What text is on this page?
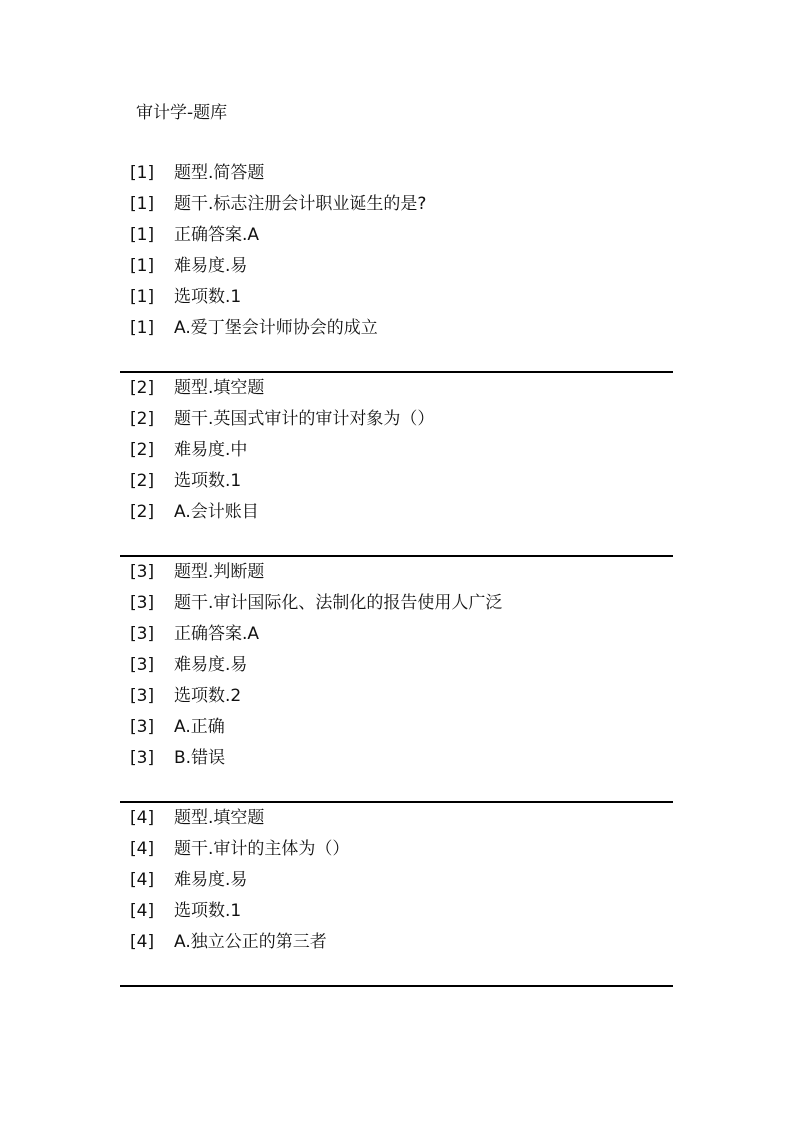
审计学-题库
[1] 题型.简答题
[1] 题干.标志注册会计职业诞生的是?
[1] 正确答案.A
[1] 难易度.易
[1] 选项数.1
[1] A.爱丁堡会计师协会的成立
[2] 题型.填空题
[2] 题干.英国式审计的审计对象为（）
[2] 难易度.中
[2] 选项数.1
[2] A.会计账目
[3] 题型.判断题
[3] 题干.审计国际化、法制化的报告使用人广泛
[3] 正确答案.A
[3] 难易度.易
[3] 选项数.2
[3] A.正确
[3] B.错误
[4] 题型.填空题
[4] 题干.审计的主体为（）
[4] 难易度.易
[4] 选项数.1
[4] A.独立公正的第三者
